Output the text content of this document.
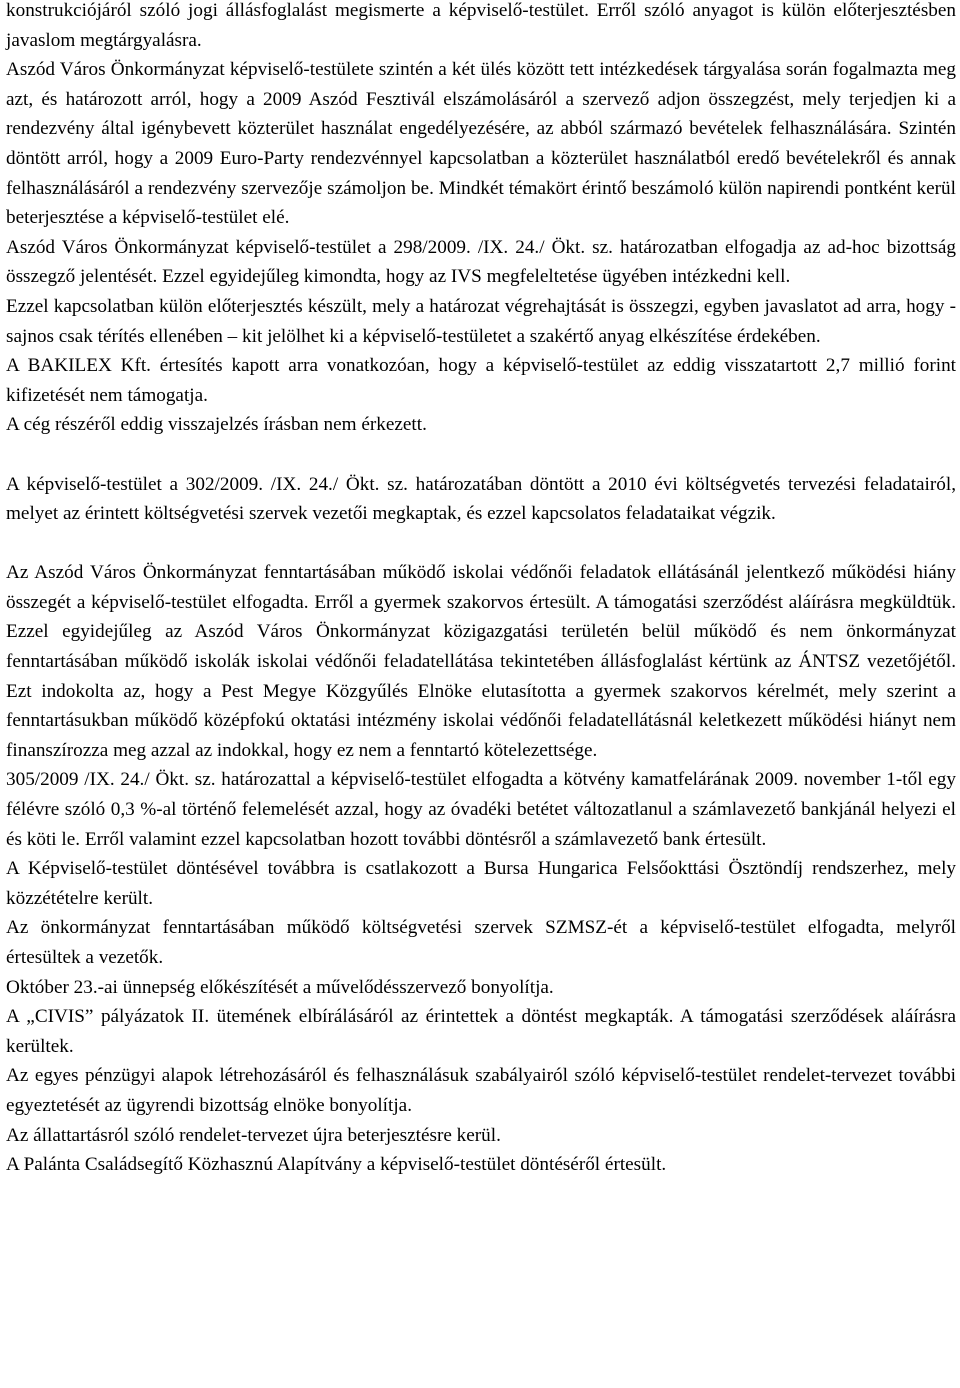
konstrukciójáról szóló jogi állásfoglalást megismerte a képviselő-testület. Erről szóló anyagot is külön előterjesztésben javaslom megtárgyalásra.

Aszód Város Önkormányzat képviselő-testülete szintén a két ülés között tett intézkedések tárgyalása során fogalmazta meg azt, és határozott arról, hogy a 2009 Aszód Fesztivál elszámolásáról a szervező adjon összegzést, mely terjedjen ki a rendezvény által igénybevett közterület használat engedélyezésére, az abból származó bevételek felhasználására. Szintén döntött arról, hogy a 2009 Euro-Party rendezvénnyel kapcsolatban a közterület használatból eredő bevételekről és annak felhasználásáról a rendezvény szervezője számoljon be. Mindkét témakört érintő beszámoló külön napirendi pontként kerül beterjesztése a képviselő-testület elé.

Aszód Város Önkormányzat képviselő-testület a 298/2009. /IX. 24./ Ökt. sz. határozatban elfogadja az ad-hoc bizottság összegző jelentését. Ezzel egyidejűleg kimondta, hogy az IVS megfeleltetése ügyében intézkedni kell.

Ezzel kapcsolatban külön előterjesztés készült, mely a határozat végrehajtását is összegzi, egyben javaslatot ad arra, hogy - sajnos csak térítés ellenében – kit jelölhet ki a képviselő-testületet a szakértő anyag elkészítése érdekében.

A BAKILEX Kft. értesítés kapott arra vonatkozóan, hogy a képviselő-testület az eddig visszatartott 2,7 millió forint kifizetését nem támogatja.

A cég részéről eddig visszajelzés írásban nem érkezett.

A képviselő-testület a 302/2009. /IX. 24./ Ökt. sz. határozatában döntött a 2010 évi költségvetés tervezési feladatairól, melyet az érintett költségvetési szervek vezetői megkaptak, és ezzel kapcsolatos feladataikat végzik.

Az Aszód Város Önkormányzat fenntartásában működő iskolai védőnői feladatok ellátásánál jelentkező működési hiány összegét a képviselő-testület elfogadta. Erről a gyermek szakorvos értesült. A támogatási szerződést aláírásra megküldtük. Ezzel egyidejűleg az Aszód Város Önkormányzat közigazgatási területén belül működő és nem önkormányzat fenntartásában működő iskolák iskolai védőnői feladatellátása tekintetében állásfoglalást kértünk az ÁNTSZ vezetőjétől. Ezt indokolta az, hogy a Pest Megye Közgyűlés Elnöke elutasította a gyermek szakorvos kérelmét, mely szerint a fenntartásukban működő középfokú oktatási intézmény iskolai védőnői feladatellátásnál keletkezett működési hiányt nem finanszírozza meg azzal az indokkal, hogy ez nem a fenntartó kötelezettsége.

305/2009 /IX. 24./ Ökt. sz. határozattal a képviselő-testület elfogadta a kötvény kamatfelárának 2009. november 1-től egy félévre szóló 0,3 %-al történő felemelését azzal, hogy az óvadéki betétet változatlanul a számlavezető bankjánál helyezi el és köti le. Erről valamint ezzel kapcsolatban hozott további döntésről a számlavezető bank értesült.

A Képviselő-testület döntésével továbbra is csatlakozott a Bursa Hungarica Felsőokttási Ösztöndíj rendszerhez, mely közzétételre került.

Az önkormányzat fenntartásában működő költségvetési szervek SZMSZ-ét a képviselő-testület elfogadta, melyről értesültek a vezetők.

Október 23.-ai ünnepség előkészítését a művelődésszervező bonyolítja.

A „CIVIS” pályázatok II. ütemének elbírálásáról az érintettek a döntést megkapták. A támogatási szerződések aláírásra kerültek.

Az egyes pénzügyi alapok létrehozásáról és felhasználásuk szabályairól szóló képviselő-testület rendelet-tervezet további egyeztetését az ügyrendi bizottság elnöke bonyolítja.

Az állattartásról szóló rendelet-tervezet újra beterjesztésre kerül.

A Palánta Családsegítő Közhasznú Alapítvány a képviselő-testület döntéséről értesült.
